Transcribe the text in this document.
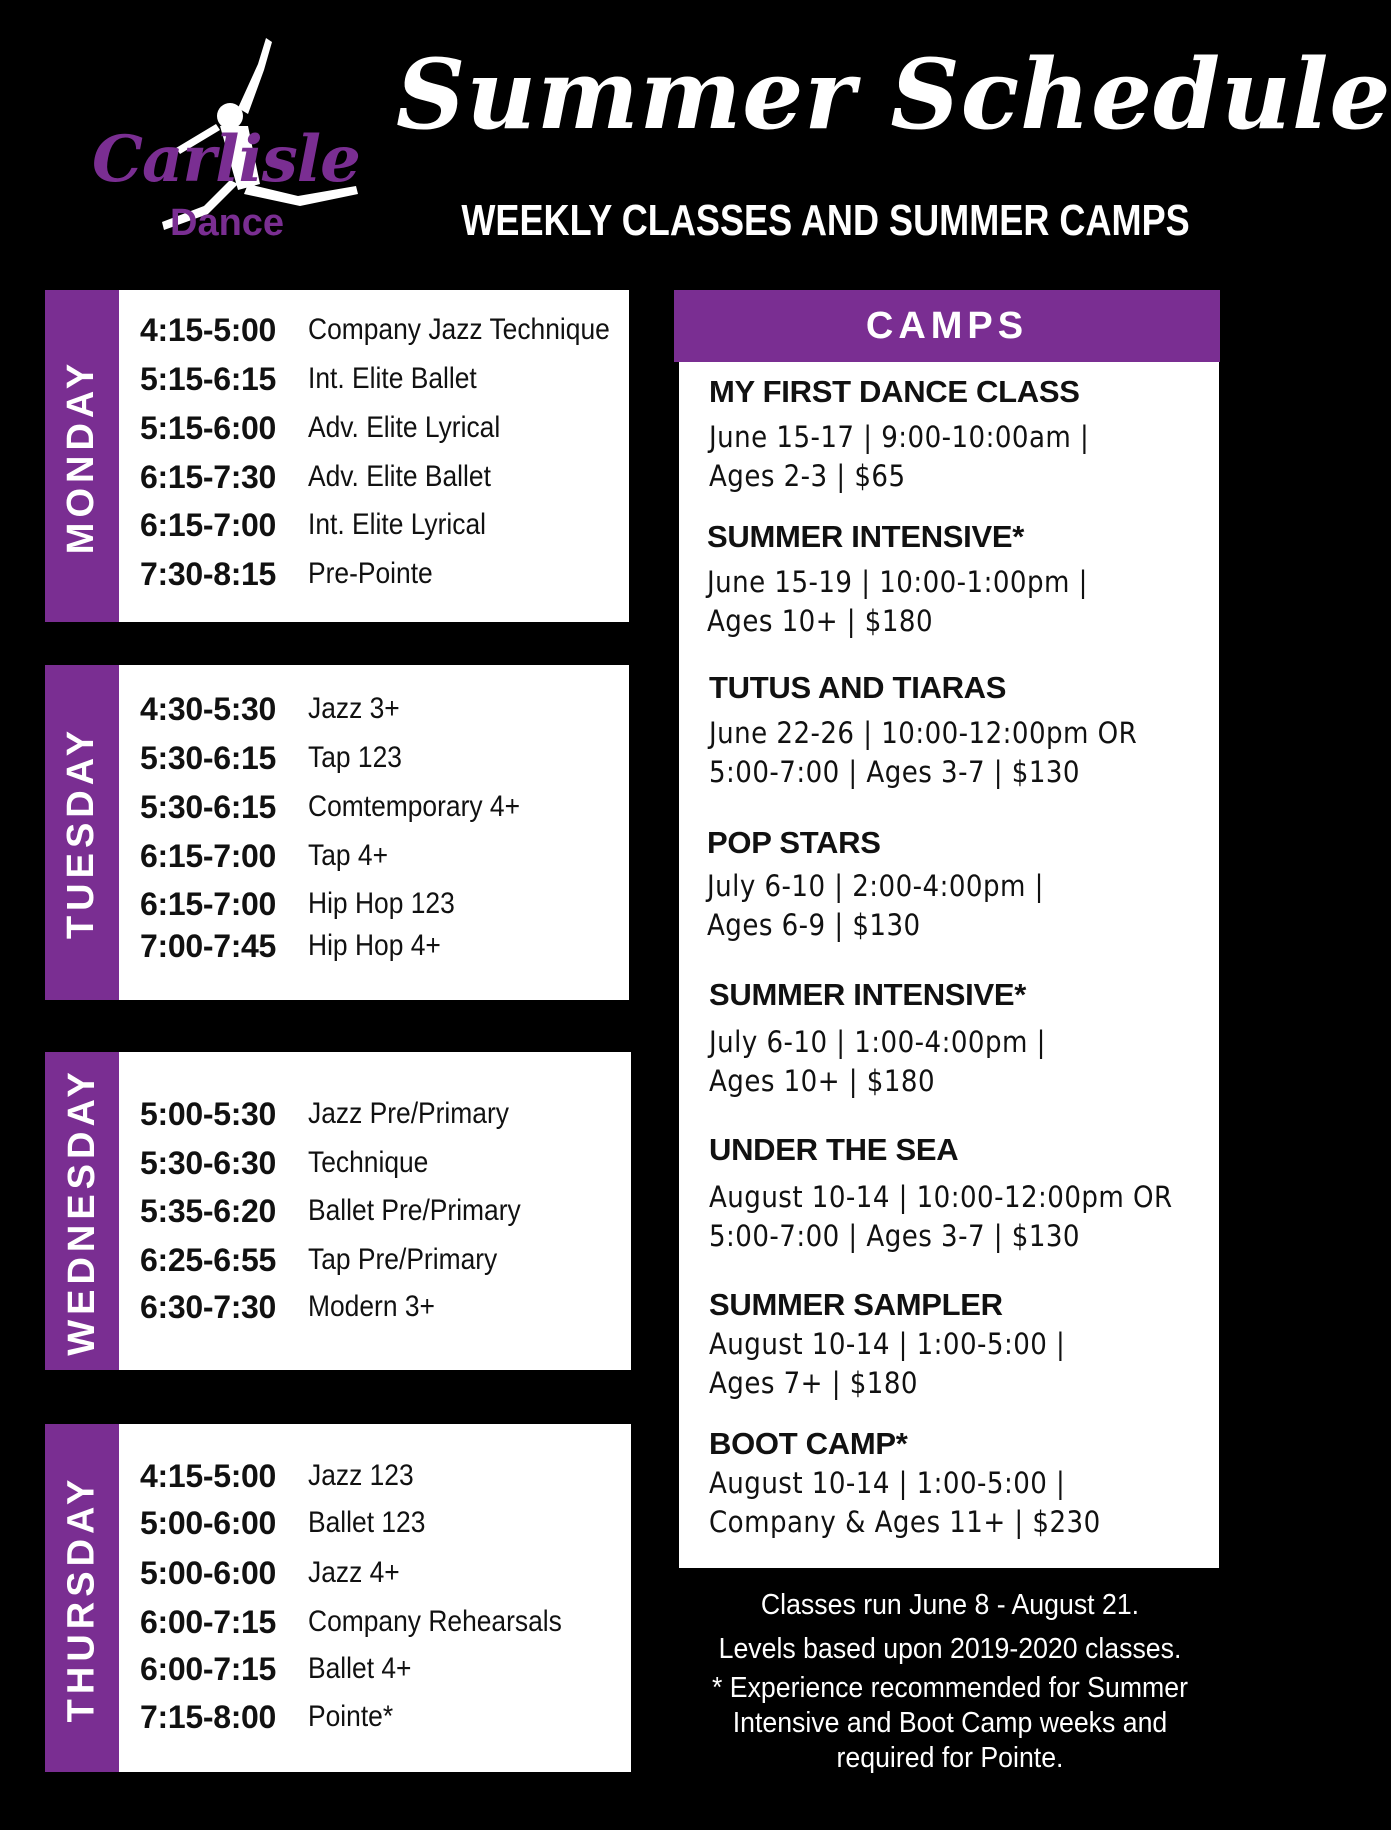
Carlisle
Dance
Summer Schedule
WEEKLY CLASSES AND SUMMER CAMPS
MONDAY
4:15-5:00	Company Jazz Technique
5:15-6:15	Int. Elite Ballet
5:15-6:00	Adv. Elite Lyrical
6:15-7:30	Adv. Elite Ballet
6:15-7:00	Int. Elite Lyrical
7:30-8:15	Pre-Pointe
TUESDAY
4:30-5:30	Jazz 3+
5:30-6:15	Tap 123
5:30-6:15	Comtemporary 4+
6:15-7:00	Tap 4+
6:15-7:00	Hip Hop 123
7:00-7:45	Hip Hop 4+
WEDNESDAY 5:00-5:30	Jazz Pre/Primary
5:30-6:30	Technique
5:35-6:20	Ballet Pre/Primary
6:25-6:55	Tap Pre/Primary
6:30-7:30	Modern 3+
THURSDAY 4:15-5:00	Jazz 123
5:00-6:00	Ballet 123
5:00-6:00	Jazz 4+
6:00-7:15	Company Rehearsals
6:00-7:15	Ballet 4+
7:15-8:00	Pointe*
CAMPS
MY FIRST DANCE CLASS
June 15-17 | 9:00-10:00am |
Ages 2-3 | $65
SUMMER INTENSIVE*
June 15-19 | 10:00-1:00pm |
Ages 10+ | $180
TUTUS AND TIARAS
June 22-26 | 10:00-12:00pm OR
5:00-7:00 | Ages 3-7 | $130
POP STARS
July 6-10 | 2:00-4:00pm |
Ages 6-9 | $130
SUMMER INTENSIVE*
July 6-10 | 1:00-4:00pm |
Ages 10+ | $180
UNDER THE SEA
August 10-14 | 10:00-12:00pm OR
5:00-7:00 | Ages 3-7 | $130
SUMMER SAMPLER
August 10-14 | 1:00-5:00 |
Ages 7+ | $180
BOOT CAMP*
August 10-14 | 1:00-5:00 |
Company & Ages 11+ | $230
Classes run June 8 - August 21.
Levels based upon 2019-2020 classes.
* Experience recommended for Summer
Intensive and Boot Camp weeks and
required for Pointe.
